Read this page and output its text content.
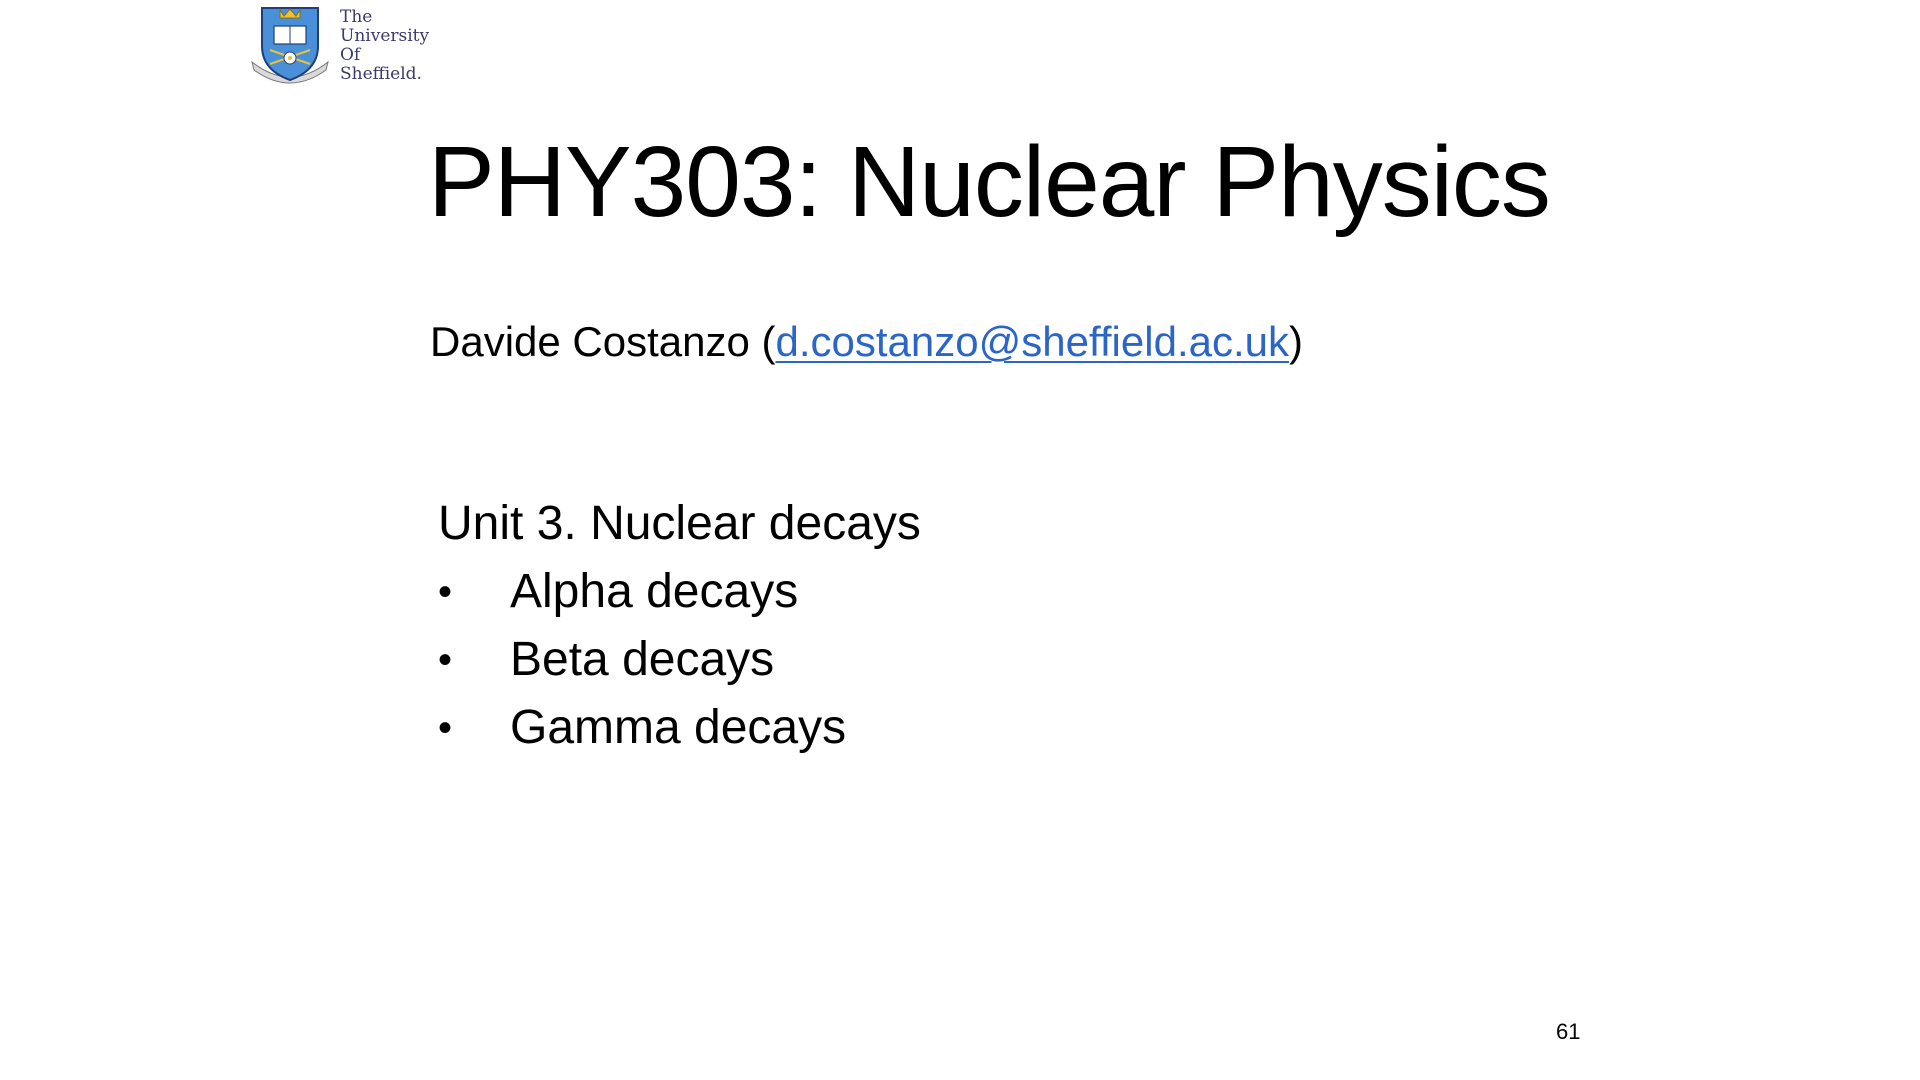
The
University
Of
Sheffield.
PHY303: Nuclear Physics
Davide Costanzo (d.costanzo@sheffield.ac.uk)
Unit 3. Nuclear decays
•	Alpha decays
•	Beta decays
•	Gamma decays
61
